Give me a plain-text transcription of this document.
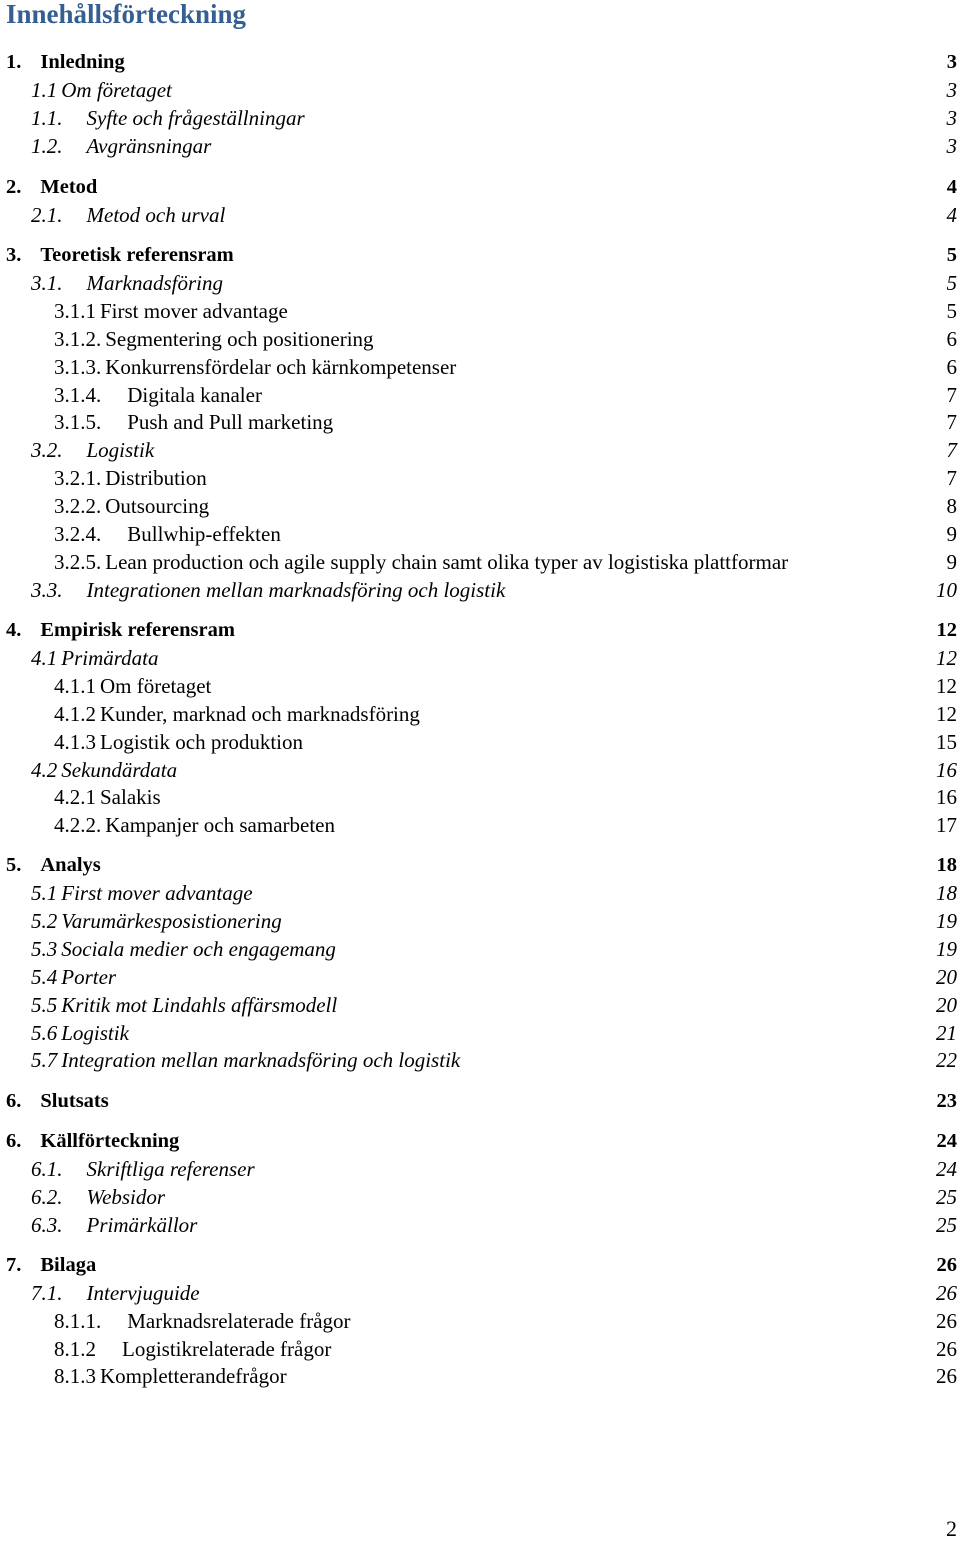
Innehållsförteckning
1. Inledning	3
1.1 Om företaget	3
1.1. Syfte och frågeställningar	3
1.2. Avgränsningar	3
2. Metod	4
2.1. Metod och urval	4
3. Teoretisk referensram	5
3.1. Marknadsföring	5
3.1.1 First mover advantage	5
3.1.2. Segmentering och positionering	6
3.1.3. Konkurrensfördelar och kärnkompetenser	6
3.1.4. Digitala kanaler	7
3.1.5. Push and Pull marketing	7
3.2. Logistik	7
3.2.1. Distribution	7
3.2.2. Outsourcing	8
3.2.4. Bullwhip-effekten	9
3.2.5. Lean production och agile supply chain samt olika typer av logistiska plattformar	9
3.3. Integrationen mellan marknadsföring och logistik	10
4. Empirisk referensram	12
4.1 Primärdata	12
4.1.1 Om företaget	12
4.1.2 Kunder, marknad och marknadsföring	12
4.1.3 Logistik och produktion	15
4.2 Sekundärdata	16
4.2.1 Salakis	16
4.2.2. Kampanjer och samarbeten	17
5. Analys	18
5.1 First mover advantage	18
5.2 Varumärkesposistionering	19
5.3 Sociala medier och engagemang	19
5.4 Porter	20
5.5 Kritik mot Lindahls affärsmodell	20
5.6 Logistik	21
5.7 Integration mellan marknadsföring och logistik	22
6. Slutsats	23
6. Källförteckning	24
6.1. Skriftliga referenser	24
6.2. Websidor	25
6.3. Primärkällor	25
7. Bilaga	26
7.1. Intervjuguide	26
8.1.1. Marknadsrelaterade frågor	26
8.1.2 Logistikrelaterade frågor	26
8.1.3 Kompletterandefrågor	26
2
